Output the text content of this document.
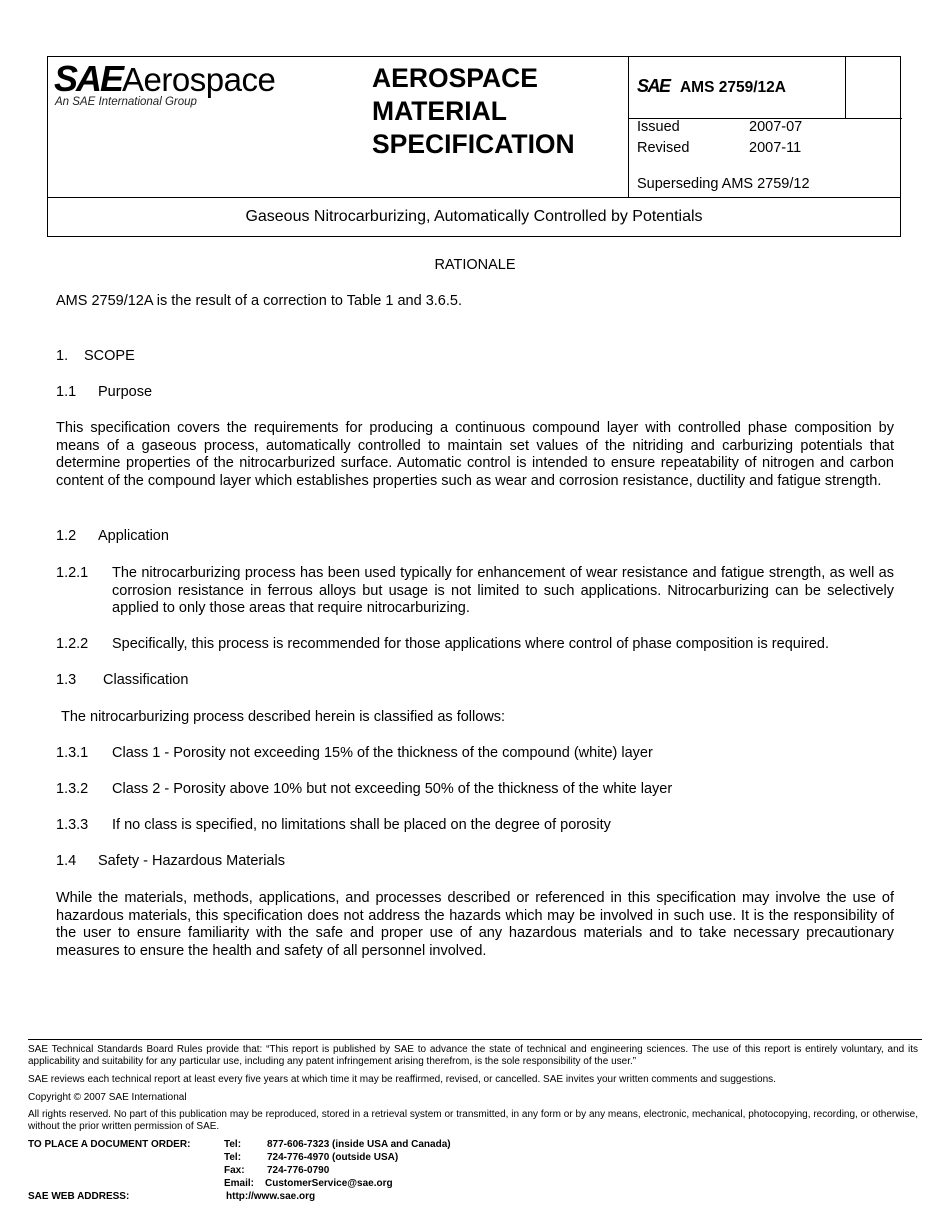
SAEAerospace
An SAE International Group
AEROSPACE
MATERIAL
SPECIFICATION
SAE AMS 2759/12A
Issued	2007-07
Revised	2007-11
Superseding AMS 2759/12
Gaseous Nitrocarburizing, Automatically Controlled by Potentials
RATIONALE
AMS 2759/12A is the result of a correction to Table 1 and 3.6.5.
1. SCOPE
1.1 Purpose
This specification covers the requirements for producing a continuous compound layer with controlled phase composition by means of a gaseous process, automatically controlled to maintain set values of the nitriding and carburizing potentials that determine properties of the nitrocarburized surface. Automatic control is intended to ensure repeatability of nitrogen and carbon content of the compound layer which establishes properties such as wear and corrosion resistance, ductility and fatigue strength.
1.2 Application
1.2.1 The nitrocarburizing process has been used typically for enhancement of wear resistance and fatigue strength, as well as corrosion resistance in ferrous alloys but usage is not limited to such applications. Nitrocarburizing can be selectively applied to only those areas that require nitrocarburizing.
1.2.2 Specifically, this process is recommended for those applications where control of phase composition is required.
1.3 Classification
The nitrocarburizing process described herein is classified as follows:
1.3.1 Class 1 - Porosity not exceeding 15% of the thickness of the compound (white) layer
1.3.2 Class 2 - Porosity above 10% but not exceeding 50% of the thickness of the white layer
1.3.3 If no class is specified, no limitations shall be placed on the degree of porosity
1.4 Safety - Hazardous Materials
While the materials, methods, applications, and processes described or referenced in this specification may involve the use of hazardous materials, this specification does not address the hazards which may be involved in such use. It is the responsibility of the user to ensure familiarity with the safe and proper use of any hazardous materials and to take necessary precautionary measures to ensure the health and safety of all personnel involved.
SAE Technical Standards Board Rules provide that: “This report is published by SAE to advance the state of technical and engineering sciences. The use of this report is entirely voluntary, and its applicability and suitability for any particular use, including any patent infringement arising therefrom, is the sole responsibility of the user.”
SAE reviews each technical report at least every five years at which time it may be reaffirmed, revised, or cancelled. SAE invites your written comments and suggestions.
Copyright © 2007 SAE International
All rights reserved. No part of this publication may be reproduced, stored in a retrieval system or transmitted, in any form or by any means, electronic, mechanical, photocopying, recording, or otherwise, without the prior written permission of SAE.
TO PLACE A DOCUMENT ORDER:	Tel:	877-606-7323 (inside USA and Canada)
Tel:	724-776-4970 (outside USA)
Fax: 724-776-0790
Email: CustomerService@sae.org
SAE WEB ADDRESS:	http://www.sae.org
